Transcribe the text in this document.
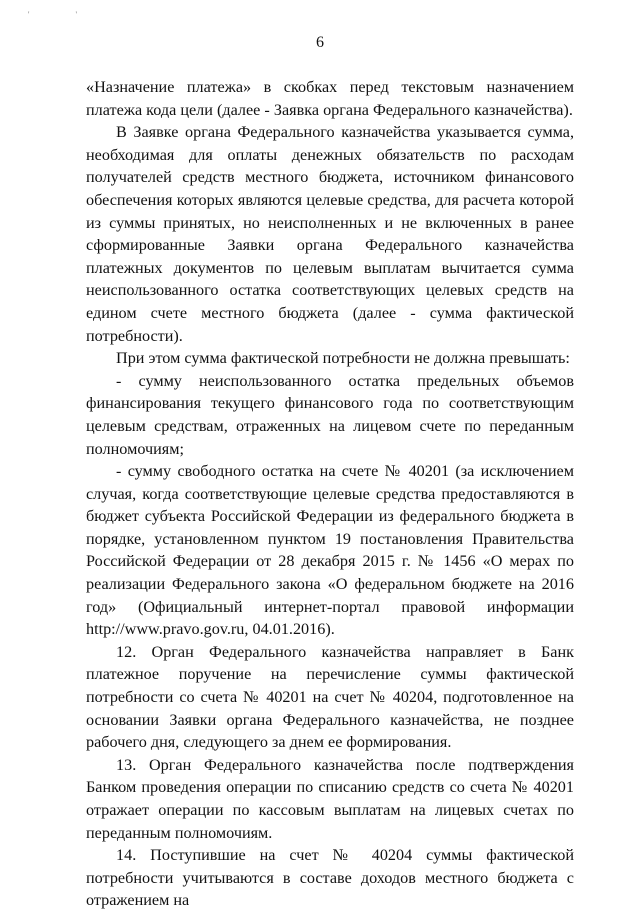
' '
6

«Назначение платежа» в скобках перед текстовым назначением платежа кода цели (далее - Заявка органа Федерального казначейства).

В Заявке органа Федерального казначейства указывается сумма, необходимая для оплаты денежных обязательств по расходам получателей средств местного бюджета, источником финансового обеспечения которых являются целевые средства, для расчета которой из суммы принятых, но неисполненных и не включенных в ранее сформированные Заявки органа Федерального казначейства платежных документов по целевым выплатам вычитается сумма неиспользованного остатка соответствующих целевых средств на едином счете местного бюджета (далее - сумма фактической потребности).

При этом сумма фактической потребности не должна превышать:

- сумму неиспользованного остатка предельных объемов финансирования текущего финансового года по соответствующим целевым средствам, отраженных на лицевом счете по переданным полномочиям;

- сумму свободного остатка на счете № 40201 (за исключением случая, когда соответствующие целевые средства предоставляются в бюджет субъекта Российской Федерации из федерального бюджета в порядке, установленном пунктом 19 постановления Правительства Российской Федерации от 28 декабря 2015 г. № 1456 «О мерах по реализации Федерального закона «О федеральном бюджете на 2016 год» (Официальный интернет-портал правовой информации http://www.pravo.gov.ru, 04.01.2016).

12. Орган Федерального казначейства направляет в Банк платежное поручение на перечисление суммы фактической потребности со счета № 40201 на счет № 40204, подготовленное на основании Заявки органа Федерального казначейства, не позднее рабочего дня, следующего за днем ее формирования.

13. Орган Федерального казначейства после подтверждения Банком проведения операции по списанию средств со счета № 40201 отражает операции по кассовым выплатам на лицевых счетах по переданным полномочиям.

14. Поступившие на счет № 40204 суммы фактической потребности учитываются в составе доходов местного бюджета с отражением на
